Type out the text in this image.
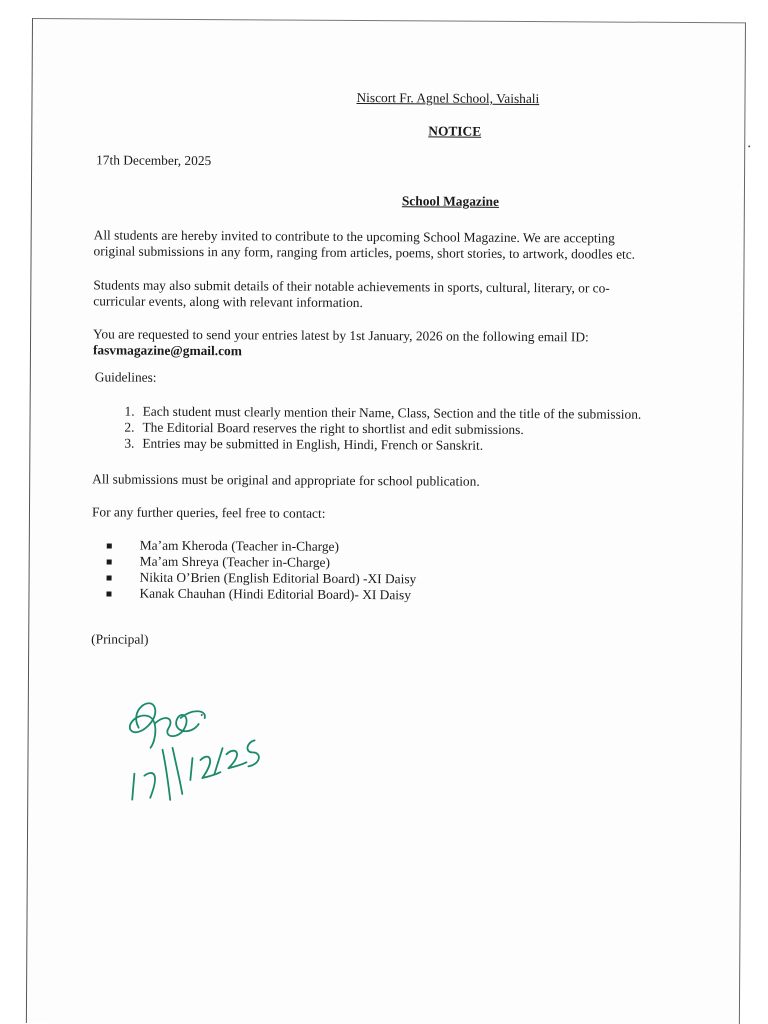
Niscort Fr. Agnel School, Vaishali
NOTICE
17th December, 2025
School Magazine

All students are hereby invited to contribute to the upcoming School Magazine. We are accepting
original submissions in any form, ranging from articles, poems, short stories, to artwork, doodles etc.

Students may also submit details of their notable achievements in sports, cultural, literary, or co-
curricular events, along with relevant information.

You are requested to send your entries latest by 1st January, 2026 on the following email ID:
fasvmagazine@gmail.com

Guidelines:
1. Each student must clearly mention their Name, Class, Section and the title of the submission.
2. The Editorial Board reserves the right to shortlist and edit submissions.
3. Entries may be submitted in English, Hindi, French or Sanskrit.
All submissions must be original and appropriate for school publication.
For any further queries, feel free to contact:
Ma’am Kheroda (Teacher in-Charge)
Ma’am Shreya (Teacher in-Charge)
Nikita O’Brien (English Editorial Board) -XI Daisy
Kanak Chauhan (Hindi Editorial Board)- XI Daisy
(Principal)
